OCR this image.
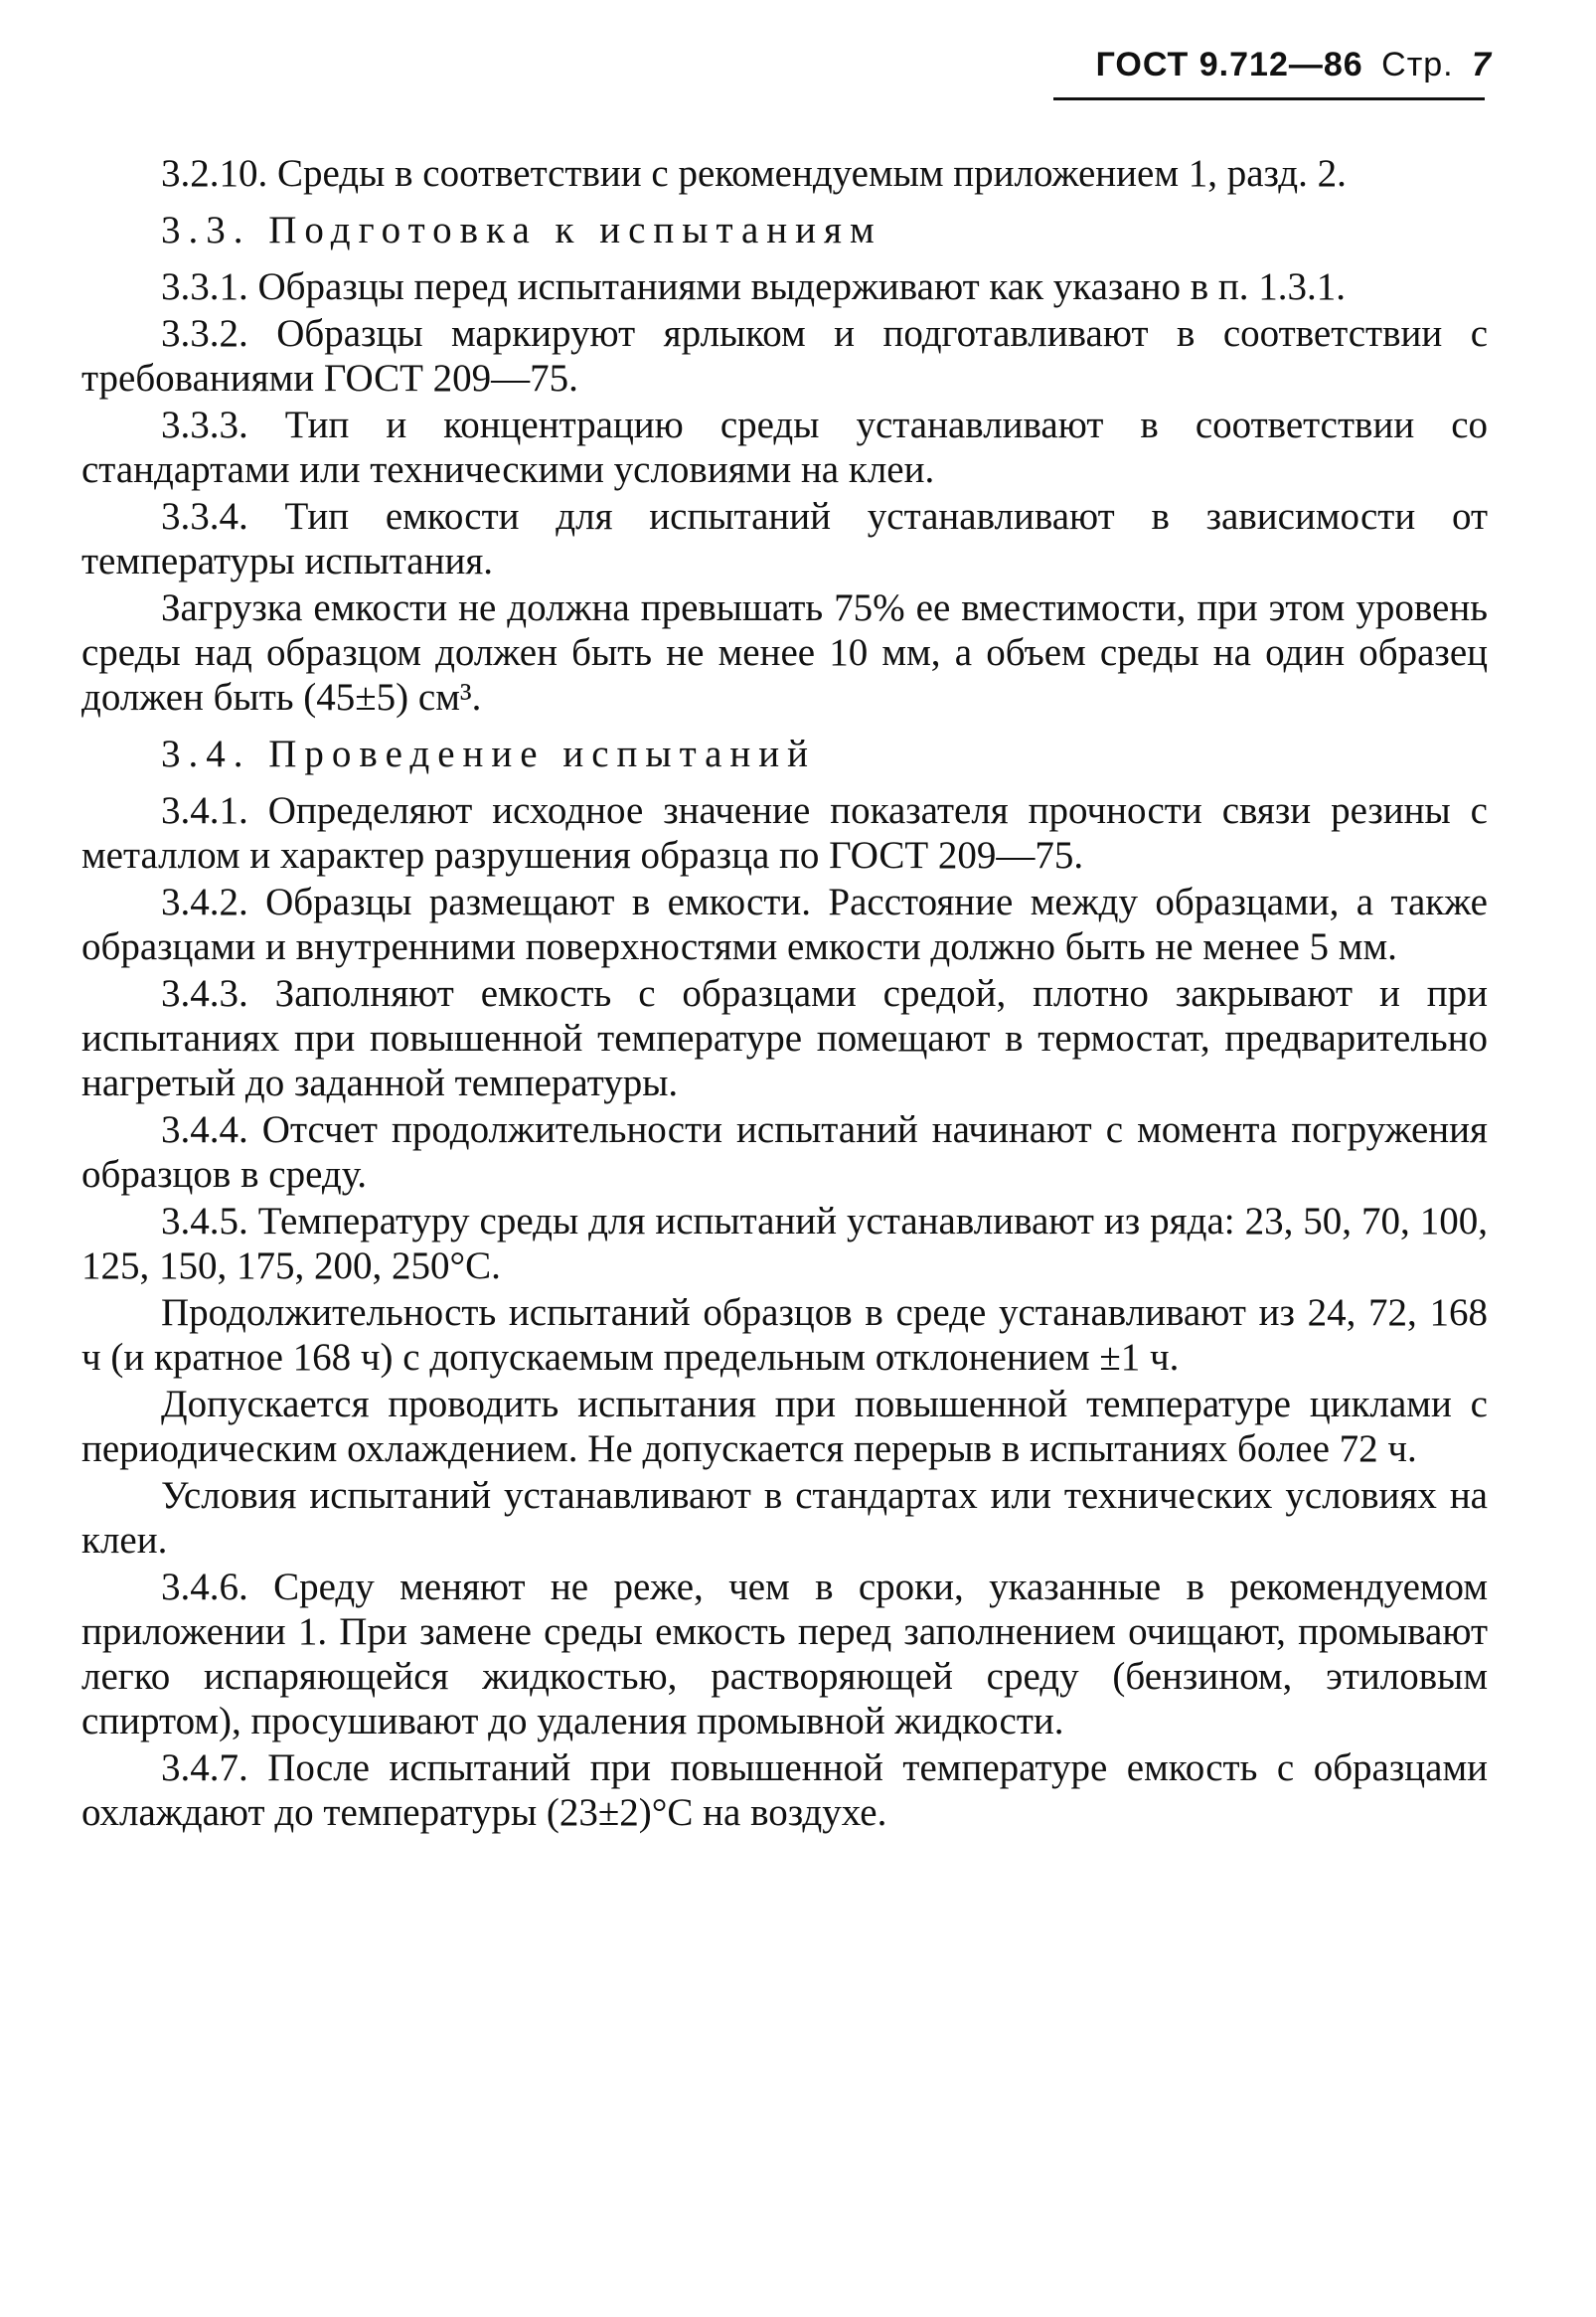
ГОСТ 9.712—86 Стр. 7

3.2.10. Среды в соответствии с рекомендуемым приложением 1, разд. 2.

3.3. Подготовка к испытаниям

3.3.1. Образцы перед испытаниями выдерживают как указано в п. 1.3.1.

3.3.2. Образцы маркируют ярлыком и подготавливают в соответствии с требованиями ГОСТ 209—75.

3.3.3. Тип и концентрацию среды устанавливают в соответствии со стандартами или техническими условиями на клеи.

3.3.4. Тип емкости для испытаний устанавливают в зависимости от температуры испытания.

Загрузка емкости не должна превышать 75% ее вместимости, при этом уровень среды над образцом должен быть не менее 10 мм, а объем среды на один образец должен быть (45±5) см³.

3.4. Проведение испытаний

3.4.1. Определяют исходное значение показателя прочности связи резины с металлом и характер разрушения образца по ГОСТ 209—75.

3.4.2. Образцы размещают в емкости. Расстояние между образцами, а также образцами и внутренними поверхностями емкости должно быть не менее 5 мм.

3.4.3. Заполняют емкость с образцами средой, плотно закрывают и при испытаниях при повышенной температуре помещают в термостат, предварительно нагретый до заданной температуры.

3.4.4. Отсчет продолжительности испытаний начинают с момента погружения образцов в среду.

3.4.5. Температуру среды для испытаний устанавливают из ряда: 23, 50, 70, 100, 125, 150, 175, 200, 250°С.

Продолжительность испытаний образцов в среде устанавливают из 24, 72, 168 ч (и кратное 168 ч) с допускаемым предельным отклонением ±1 ч.

Допускается проводить испытания при повышенной температуре циклами с периодическим охлаждением. Не допускается перерыв в испытаниях более 72 ч.

Условия испытаний устанавливают в стандартах или технических условиях на клеи.

3.4.6. Среду меняют не реже, чем в сроки, указанные в рекомендуемом приложении 1. При замене среды емкость перед заполнением очищают, промывают легко испаряющейся жидкостью, растворяющей среду (бензином, этиловым спиртом), просушивают до удаления промывной жидкости.

3.4.7. После испытаний при повышенной температуре емкость с образцами охлаждают до температуры (23±2)°С на воздухе.
